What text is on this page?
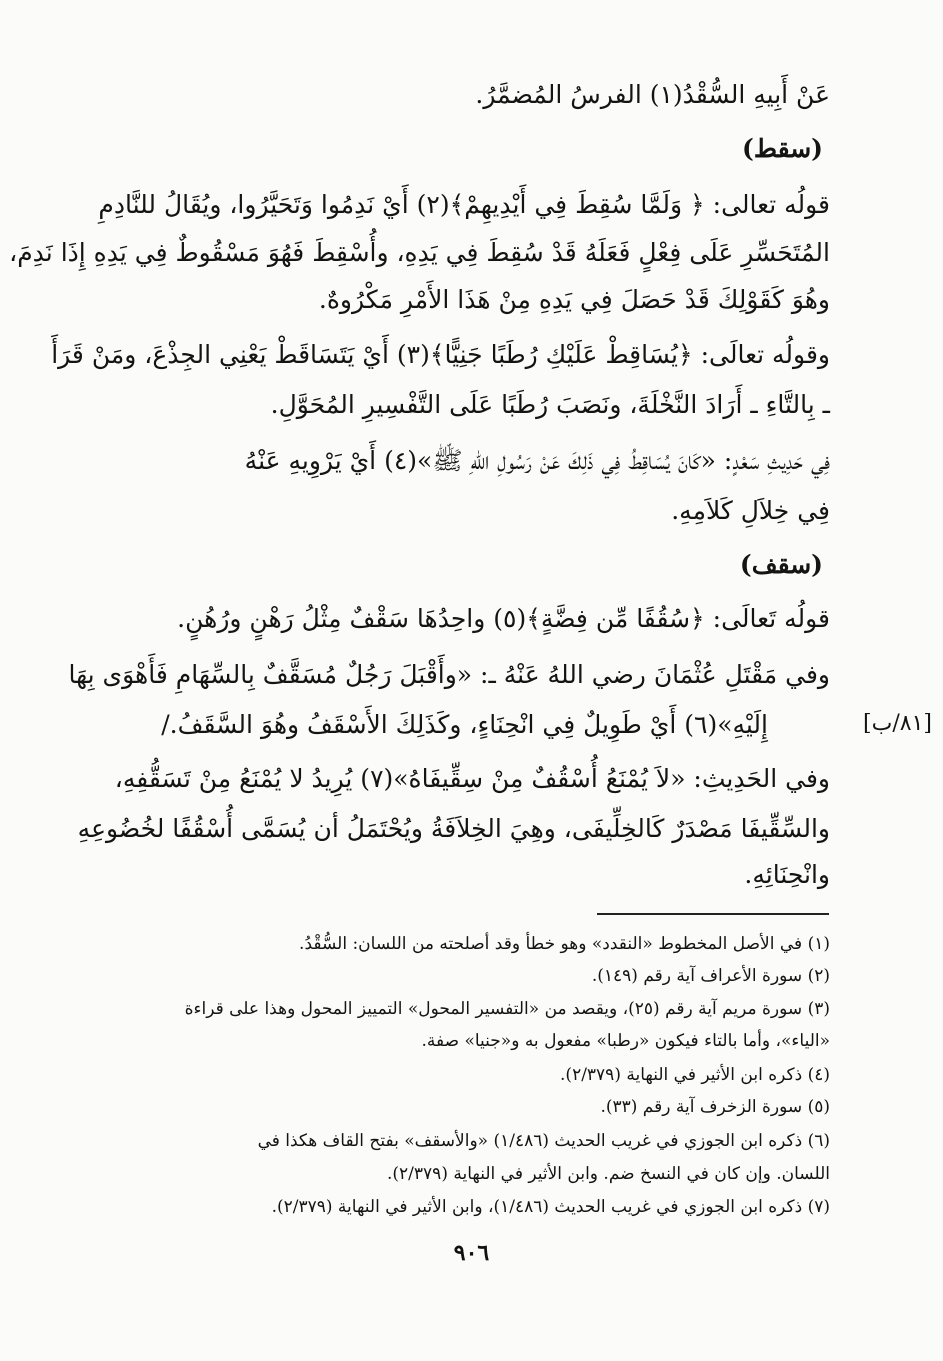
عَنْ أَبِيهِ السُّقْدُ(١) الفرسُ المُضمَّرُ.
(سقط)
قولُه تعالى: ﴿ وَلَمَّا سُقِطَ فِي أَيْدِيهِمْ﴾(٢) أَيْ نَدِمُوا وَتَحَيَّرُوا، ويُقَالُ للنَّادِمِ
المُتَحَسِّرِ عَلَى فِعْلٍ فَعَلَهُ قَدْ سُقِطَ فِي يَدِهِ، وأُسْقِطَ فَهُوَ مَسْقُوطٌ فِي يَدِهِ إِذَا نَدِمَ،
وهُوَ كَقَوْلِكَ قَدْ حَصَلَ فِي يَدِهِ مِنْ هَذَا الأَمْرِ مَكْرُوهٌ.
وقولُه تعالَى: ﴿يُسَاقِطْ عَلَيْكِ رُطَبًا جَنِيًّا﴾(٣) أَيْ يَتَسَاقَطْ يَعْنِي الجِذْعَ، ومَنْ قَرَأَ
ـ بِالتَّاءِ ـ أَرَادَ النَّخْلَةَ، ونَصَبَ رُطَبًا عَلَى التَّفْسِيرِ المُحَوَّلِ.
فِي حَدِيثِ سَعْدٍ: «كَانَ يُسَاقِطُ فِي ذَلِكَ عَنْ رَسُولِ اللهِ ﷺ»(٤) أَيْ يَرْوِيهِ عَنْهُ
فِي خِلاَلِ كَلاَمِهِ.
(سقف)
قولُه تَعالَى: ﴿سُقُفًا مِّن فِضَّةٍ﴾(٥) واحِدُهَا سَقْفٌ مِثْلُ رَهْنٍ ورُهُنٍ.
وفي مَقْتَلِ عُثْمَانَ رضي اللهُ عَنْهُ ـ: «وأَقْبَلَ رَجُلٌ مُسَقَّفٌ بِالسِّهَامِ فَأَهْوَى بِهَا
[٨١/ب]
إِلَيْهِ»(٦) أَيْ طَوِيلٌ فِي انْحِنَاءٍ، وكَذَلِكَ الأَسْقَفُ وهُوَ السَّقَفُ./
وفي الحَدِيثِ: «لاَ يُمْنَعُ أُسْقُفٌ مِنْ سِقِّيفَاهُ»(٧) يُرِيدُ لا يُمْنَعُ مِنْ تَسَقُّفِهِ،
والسِّقِّيفَا مَصْدَرٌ كَالخِلِّيفَى، وهِيَ الخِلاَفَةُ ويُحْتَمَلُ أن يُسَمَّى أُسْقُفًا لخُضُوعِهِ
وانْحِنَائِهِ.
(١) في الأصل المخطوط «النقدد» وهو خطأ وقد أصلحته من اللسان: السُّقْدُ.
(٢) سورة الأعراف آية رقم (١٤٩).
(٣) سورة مريم آية رقم (٢٥)، ويقصد من «التفسير المحول» التمييز المحول وهذا على قراءة
«الياء»، وأما بالتاء فيكون «رطبا» مفعول به و«جنيا» صفة.
(٤) ذكره ابن الأثير في النهاية (٢/٣٧٩).
(٥) سورة الزخرف آية رقم (٣٣).
(٦) ذكره ابن الجوزي في غريب الحديث (١/٤٨٦) «والأسقف» بفتح القاف هكذا في
اللسان. وإن كان في النسخ ضم. وابن الأثير في النهاية (٢/٣٧٩).
(٧) ذكره ابن الجوزي في غريب الحديث (١/٤٨٦)، وابن الأثير في النهاية (٢/٣٧٩).
٩٠٦
